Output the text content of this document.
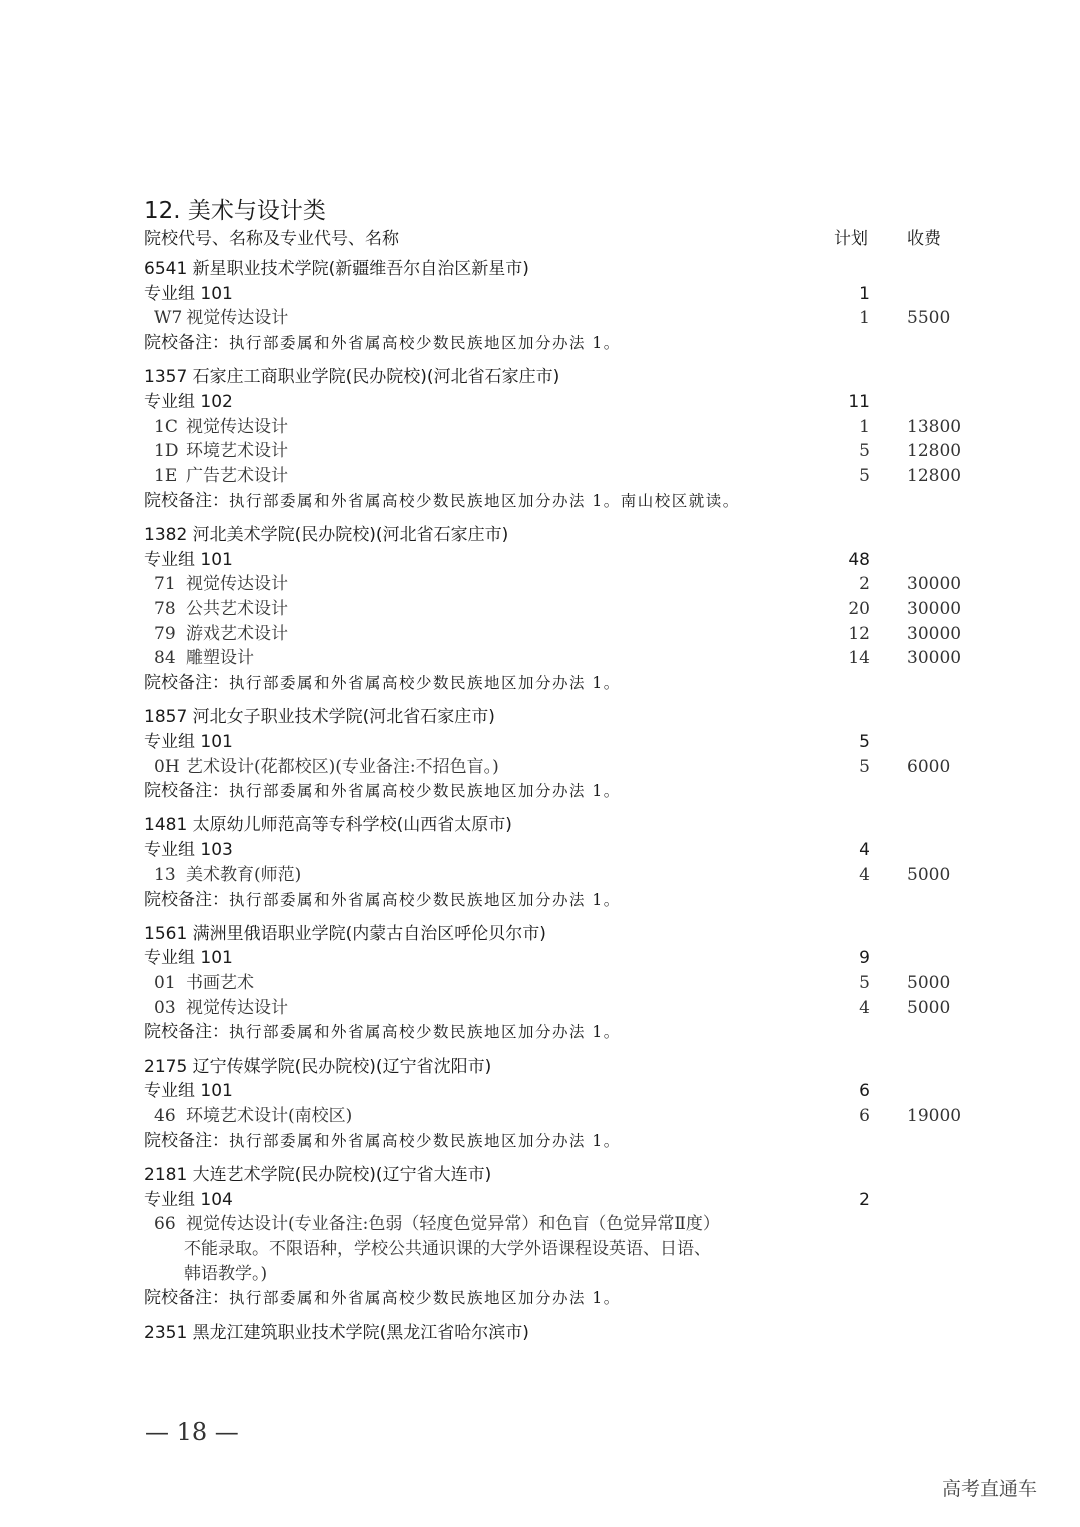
12. 美术与设计类
院校代号、名称及专业代号、名称	计划 收费
6541 新星职业技术学院(新疆维吾尔自治区新星市)
专业组 101	1
W7 视觉传达设计	1 5500
院校备注：执行部委属和外省属高校少数民族地区加分办法 1。
1357 石家庄工商职业学院(民办院校)(河北省石家庄市)
专业组 102	11
1C 视觉传达设计	1 13800
1D 环境艺术设计	5 12800
1E 广告艺术设计	5 12800
院校备注：执行部委属和外省属高校少数民族地区加分办法 1。南山校区就读。
1382 河北美术学院(民办院校)(河北省石家庄市)
专业组 101	48
71 视觉传达设计	2 30000
78 公共艺术设计	20 30000
79 游戏艺术设计	12 30000
84 雕塑设计	14 30000
院校备注：执行部委属和外省属高校少数民族地区加分办法 1。
1857 河北女子职业技术学院(河北省石家庄市)
专业组 101	5
0H 艺术设计(花都校区)(专业备注:不招色盲。)	5 6000
院校备注：执行部委属和外省属高校少数民族地区加分办法 1。
1481 太原幼儿师范高等专科学校(山西省太原市)
专业组 103	4
13 美术教育(师范)	4 5000
院校备注：执行部委属和外省属高校少数民族地区加分办法 1。
1561 满洲里俄语职业学院(内蒙古自治区呼伦贝尔市)
专业组 101	9
01 书画艺术	5 5000
03 视觉传达设计	4 5000
院校备注：执行部委属和外省属高校少数民族地区加分办法 1。
2175 辽宁传媒学院(民办院校)(辽宁省沈阳市)
专业组 101	6
46 环境艺术设计(南校区)	6 19000
院校备注：执行部委属和外省属高校少数民族地区加分办法 1。
2181 大连艺术学院(民办院校)(辽宁省大连市)
专业组 104	2
66 视觉传达设计(专业备注:色弱（轻度色觉异常）和色盲（色觉异常Ⅱ度）
不能录取。不限语种，学校公共通识课的大学外语课程设英语、日语、
韩语教学。)
院校备注：执行部委属和外省属高校少数民族地区加分办法 1。
2351 黑龙江建筑职业技术学院(黑龙江省哈尔滨市)
— 18 —
高考直通车
